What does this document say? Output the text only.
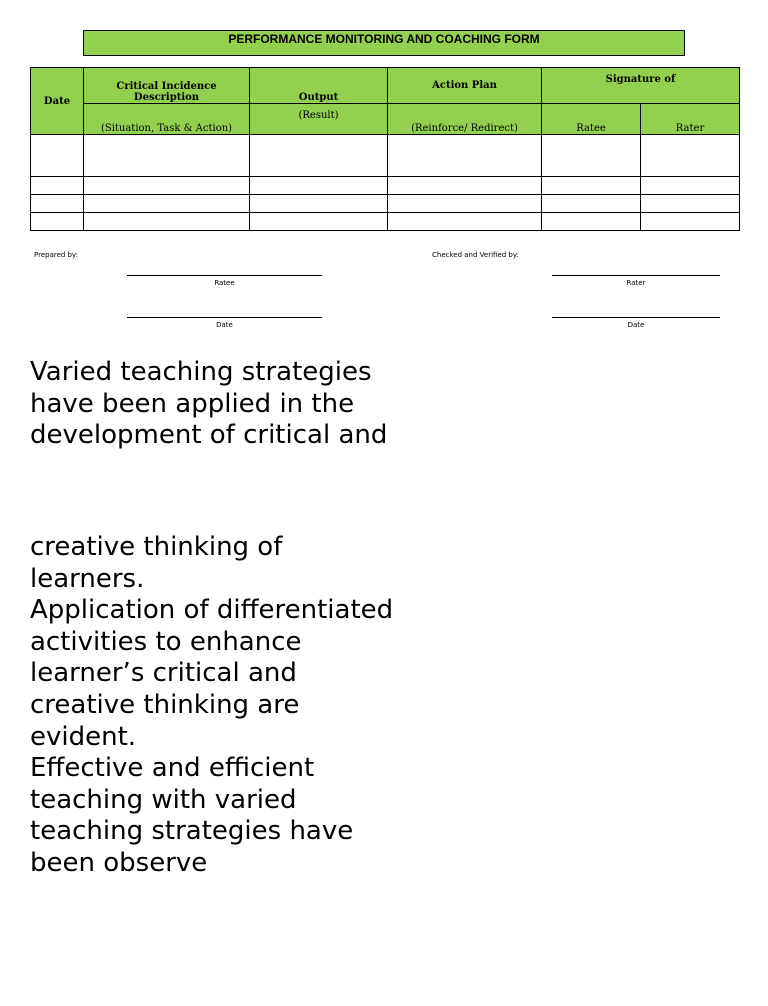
PERFORMANCE MONITORING AND COACHING FORM
Date	Critical Incidence Description	Output	Action Plan	Signature of	
	(Situation, Task & Action)	(Result)	(Reinforce/ Redirect)	Ratee	Rater

Prepared by:	Checked and Verified by:
Ratee	Rater
Date	Date

Varied teaching strategies have been applied in the development of critical and

creative thinking of learners.

Application of differentiated activities to enhance learner’s critical and creative thinking are evident.

Effective and efficient teaching with varied teaching strategies have been observe
